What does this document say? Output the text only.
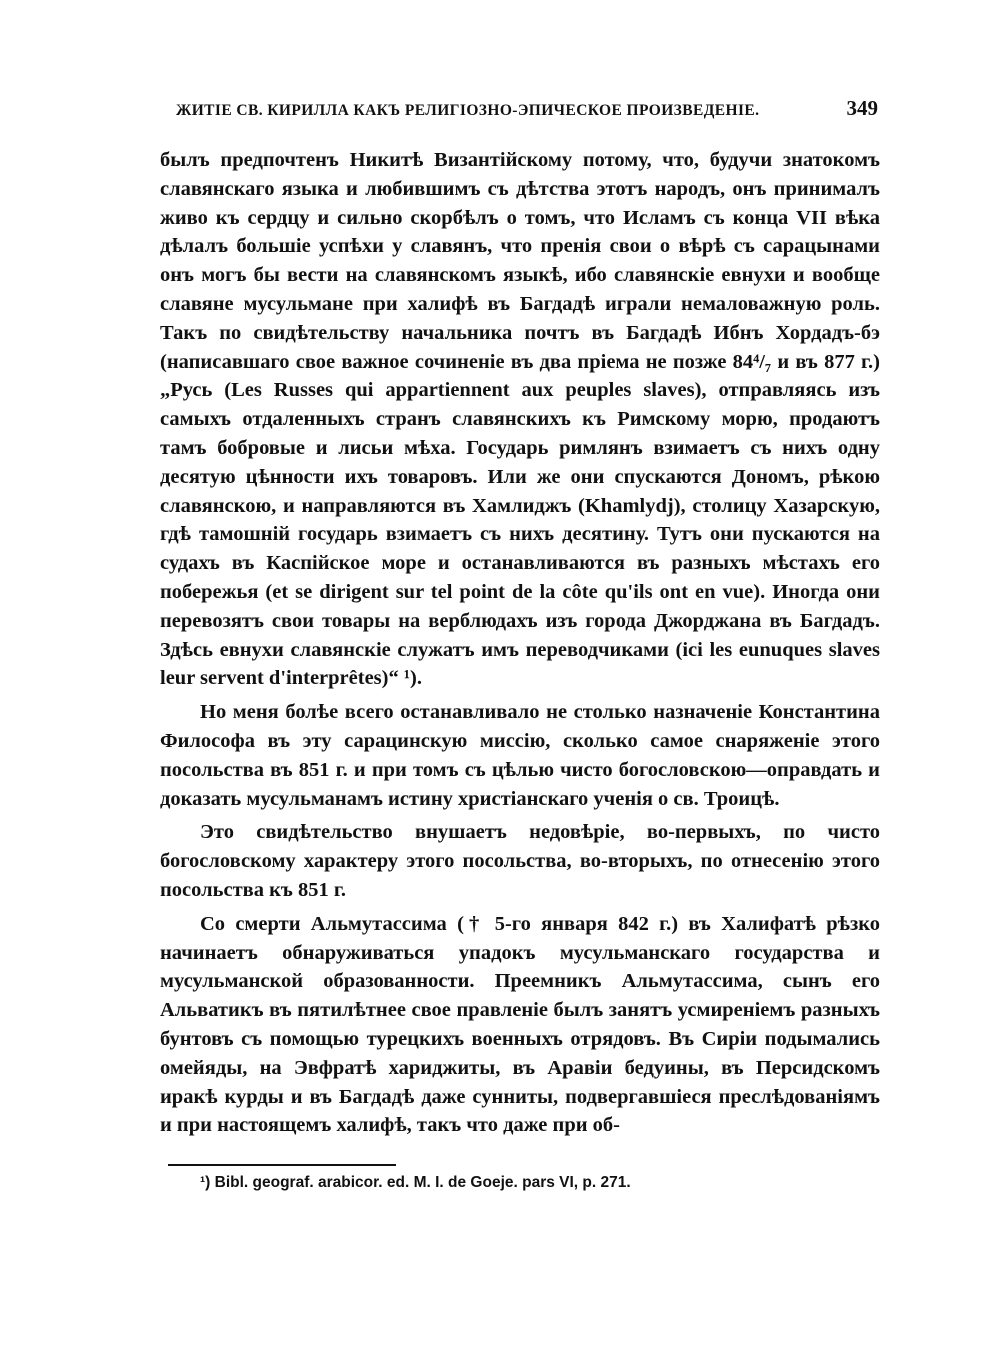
ЖИТІЕ СВ. КИРИЛЛА КАКЪ РЕЛИГІОЗНО-ЭПИЧЕСКОЕ ПРОИЗВЕДЕНІЕ.	349

былъ предпочтенъ Никитѣ Византійскому потому, что, будучи знатокомъ славянскаго языка и любившимъ съ дѣтства этотъ народъ, онъ принималъ живо къ сердцу и сильно скорбѣлъ о томъ, что Исламъ съ конца VII вѣка дѣлалъ большіе успѣхи у славянъ, что пренія свои о вѣрѣ съ сарацынами онъ могъ бы вести на славянскомъ языкѣ, ибо славянскіе евнухи и вообще славяне мусульмане при халифѣ въ Багдадѣ играли немаловажную роль. Такъ по свидѣтельству начальника почтъ въ Багдадѣ Ибнъ Хордадъ-бэ (написавшаго свое важное сочиненіе въ два пріема не позже 84⁴/₇ и въ 877 г.) „Русь (Les Russes qui appartiennent aux peuples slaves), отправляясь изъ самыхъ отдаленныхъ странъ славянскихъ къ Римскому морю, продаютъ тамъ бобровые и лисьи мѣха. Государь римлянъ взимаетъ съ нихъ одну десятую цѣнности ихъ товаровъ. Или же они спускаются Дономъ, рѣкою славянскою, и направляются въ Хамлиджъ (Khamlydj), столицу Хазарскую, гдѣ тамошній государь взимаетъ съ нихъ десятину. Тутъ они пускаются на судахъ въ Каспійское море и останавливаются въ разныхъ мѣстахъ его побережья (et se dirigent sur tel point de la côte qu'ils ont en vue). Иногда они перевозятъ свои товары на верблюдахъ изъ города Джорджана въ Багдадъ. Здѣсь евнухи славянскіе служатъ имъ переводчиками (ici les eunuques slaves leur servent d'interprêtes)“ ¹).

Но меня болѣе всего останавливало не столько назначеніе Константина Философа въ эту сарацинскую миссію, сколько самое снаряженіе этого посольства въ 851 г. и при томъ съ цѣлью чисто богословскою—оправдать и доказать мусульманамъ истину христіанскаго ученія о св. Троицѣ.

Это свидѣтельство внушаетъ недовѣріе, во-первыхъ, по чисто богословскому характеру этого посольства, во-вторыхъ, по отнесенію этого посольства къ 851 г.

Со смерти Альмутассима († 5-го января 842 г.) въ Халифатѣ рѣзко начинаетъ обнаруживаться упадокъ мусульманскаго государства и мусульманской образованности. Преемникъ Альмутассима, сынъ его Альватикъ въ пятилѣтнее свое правленіе былъ занятъ усмиреніемъ разныхъ бунтовъ съ помощью турецкихъ военныхъ отрядовъ. Въ Сиріи подымались омейяды, на Эвфратѣ хариджиты, въ Аравіи бедуины, въ Персидскомъ иракѣ курды и въ Багдадѣ даже сунниты, подвергавшіеся преслѣдованіямъ и при настоящемъ халифѣ, такъ что даже при об-

¹) Bibl. geograf. arabicor. ed. M. I. de Goeje. pars VI, p. 271.
